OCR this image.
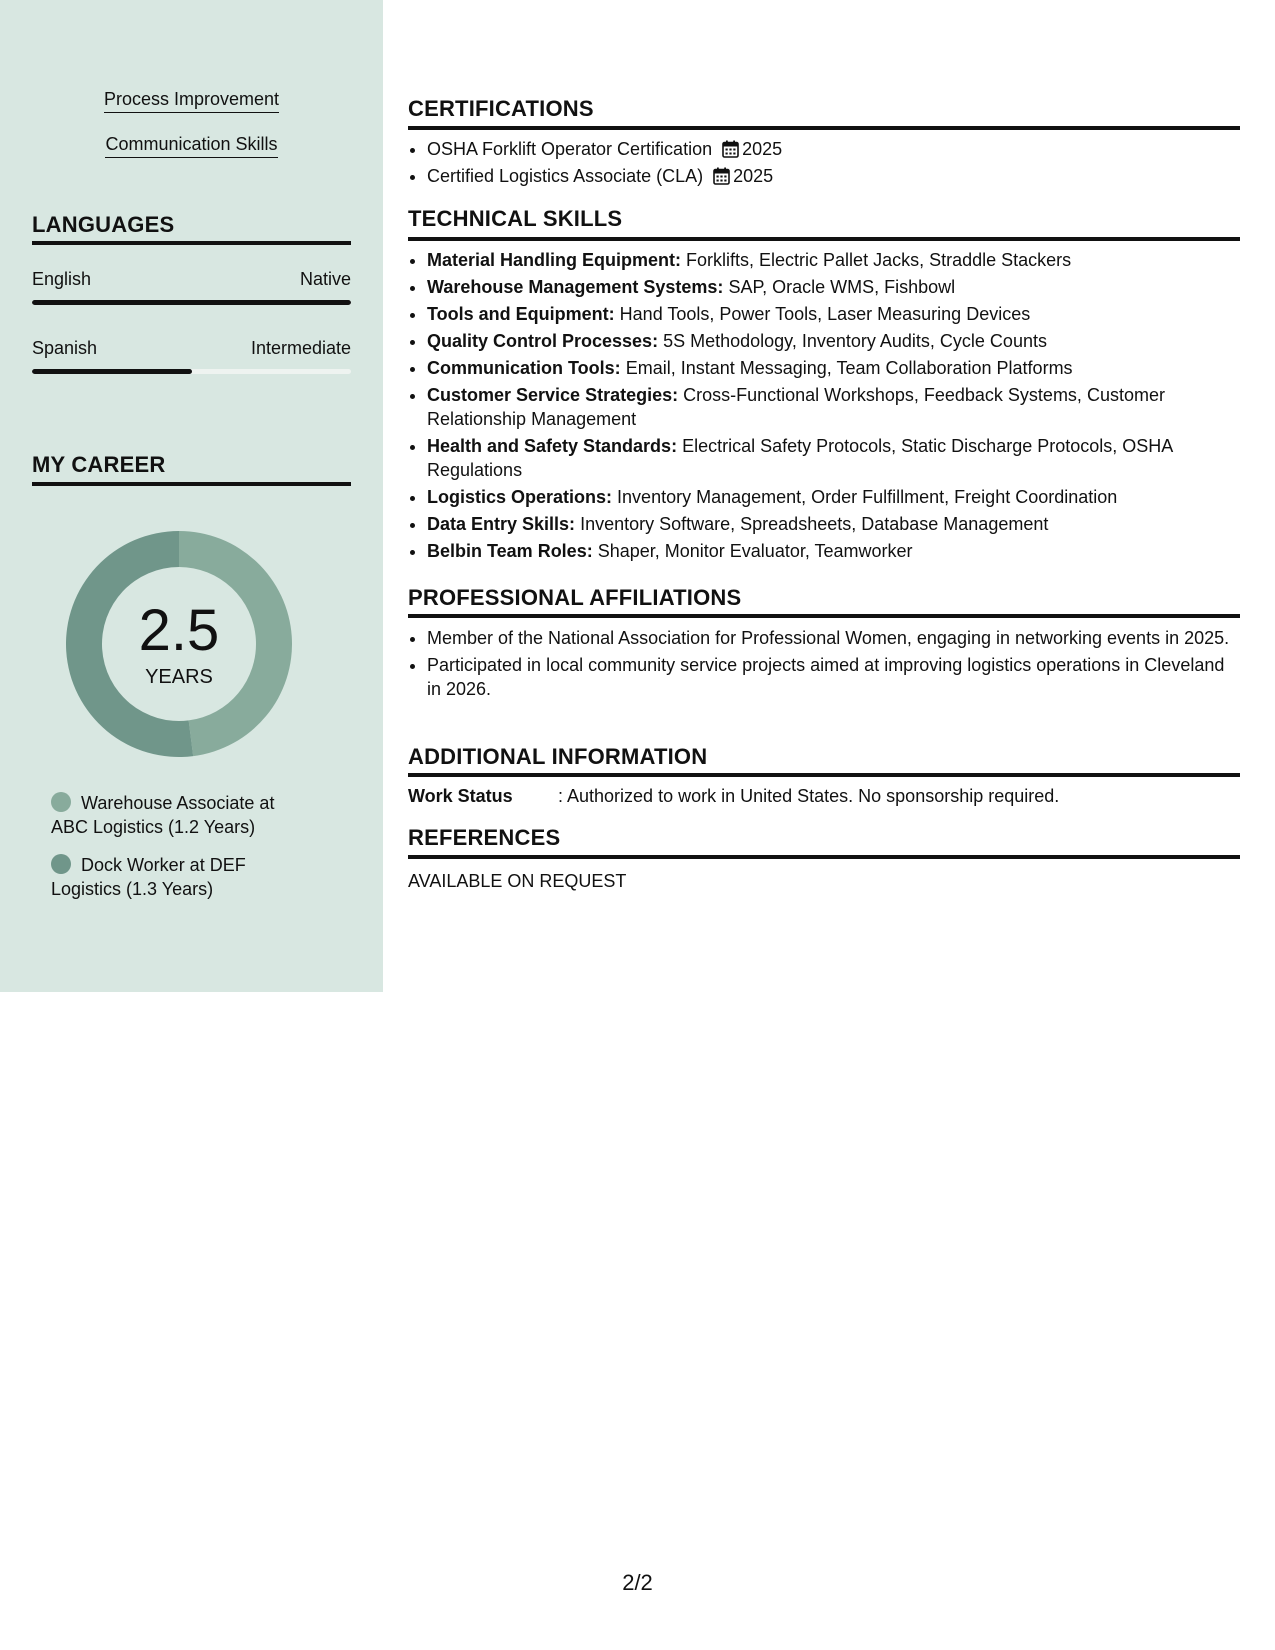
Process Improvement
Communication Skills
LANGUAGES
English	Native
Spanish	Intermediate
MY CAREER
2.5
YEARS
Warehouse Associate at ABC Logistics (1.2 Years)
Dock Worker at DEF Logistics (1.3 Years)
CERTIFICATIONS
• OSHA Forklift Operator Certification 2025
• Certified Logistics Associate (CLA) 2025
TECHNICAL SKILLS
• Material Handling Equipment: Forklifts, Electric Pallet Jacks, Straddle Stackers
• Warehouse Management Systems: SAP, Oracle WMS, Fishbowl
• Tools and Equipment: Hand Tools, Power Tools, Laser Measuring Devices
• Quality Control Processes: 5S Methodology, Inventory Audits, Cycle Counts
• Communication Tools: Email, Instant Messaging, Team Collaboration Platforms
• Customer Service Strategies: Cross-Functional Workshops, Feedback Systems, Customer Relationship Management
• Health and Safety Standards: Electrical Safety Protocols, Static Discharge Protocols, OSHA Regulations
• Logistics Operations: Inventory Management, Order Fulfillment, Freight Coordination
• Data Entry Skills: Inventory Software, Spreadsheets, Database Management
• Belbin Team Roles: Shaper, Monitor Evaluator, Teamworker
PROFESSIONAL AFFILIATIONS
• Member of the National Association for Professional Women, engaging in networking events in 2025.
• Participated in local community service projects aimed at improving logistics operations in Cleveland in 2026.
ADDITIONAL INFORMATION
Work Status	: Authorized to work in United States. No sponsorship required.
REFERENCES
AVAILABLE ON REQUEST
2/2
